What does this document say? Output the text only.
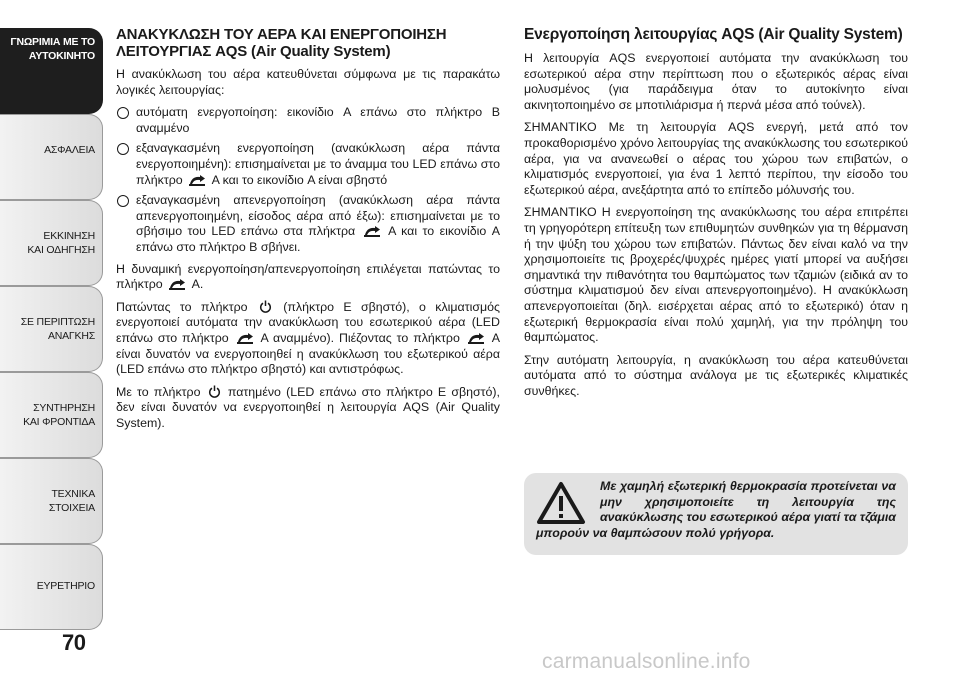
ΓΝΩΡΙΜΙΑ ΜΕ ΤΟ
ΑΥΤΟΚΙΝΗΤΟ
ΑΣΦΑΛΕΙΑ
ΕΚΚΙΝΗΣΗ
ΚΑΙ ΟΔΗΓΗΣΗ
ΣΕ ΠΕΡΙΠΤΩΣΗ
ΑΝΑΓΚΗΣ
ΣΥΝΤΗΡΗΣΗ
ΚΑΙ ΦΡΟΝΤΙΔΑ
ΤΕΧΝΙΚΑ
ΣΤΟΙΧΕΙΑ
ΕΥΡΕΤΗΡΙΟ
70
ΑΝΑΚΥΚΛΩΣΗ ΤΟΥ ΑΕΡΑ ΚΑΙ ΕΝΕΡΓΟΠΟΙΗΣΗ ΛΕΙΤΟΥΡΓΙΑΣ AQS (Air Quality System)

Η ανακύκλωση του αέρα κατευθύνεται σύμφωνα με τις παρακάτω λογικές λειτουργίας:

αυτόματη ενεργοποίηση: εικονίδιο A επάνω στο πλήκτρο B αναμμένο
εξαναγκασμένη ενεργοποίηση (ανακύκλωση αέρα πάντα ενεργοποιημένη): επισημαίνεται με το άναμμα του LED επάνω στο πλήκτρο A και το εικονίδιο A είναι σβηστό
εξαναγκασμένη απενεργοποίηση (ανακύκλωση αέρα πάντα απενεργοποιημένη, είσοδος αέρα από έξω): επισημαίνεται με το σβήσιμο του LED επάνω στα πλήκτρα	A και το εικονίδιο A επάνω στο πλήκτρο B σβήνει.

Η δυναμική ενεργοποίηση/απενεργοποίηση επιλέγεται πατώντας το πλήκτρο A.

Πατώντας το πλήκτρο	(πλήκτρο E σβηστό), ο κλιματισμός ενεργοποιεί αυτόματα την ανακύκλωση του εσωτερικού αέρα (LED επάνω στο πλήκτρο	A αναμμένο). Πιέζοντας το πλήκτρο	A είναι δυνατόν να ενεργοποιηθεί η ανακύκλωση του εξωτερικού αέρα (LED επάνω στο πλήκτρο σβηστό) και αντιστρόφως.

Με το πλήκτρο πατημένο (LED επάνω στο πλήκτρο E σβηστό), δεν είναι δυνατόν να ενεργοποιηθεί η λειτουργία AQS (Air Quality System).

Ενεργοποίηση λειτουργίας AQS (Air Quality System)

Η λειτουργία AQS ενεργοποιεί αυτόματα την ανακύκλωση του εσωτερικού αέρα στην περίπτωση που ο εξωτερικός αέρας είναι μολυσμένος (για παράδειγμα όταν το αυτοκίνητο είναι ακινητοποιημένο σε μποτιλιάρισμα ή περνά μέσα από τούνελ).

ΣΗΜΑΝΤΙΚΟ Με τη λειτουργία AQS ενεργή, μετά από τον προκαθορισμένο χρόνο λειτουργίας της ανακύκλωσης του εσωτερικού αέρα, για να ανανεωθεί ο αέρας του χώρου των επιβατών, ο κλιματισμός ενεργοποιεί, για ένα 1 λεπτό περίπου, την είσοδο του εξωτερικού αέρα, ανεξάρτητα από το επίπεδο μόλυνσής του.

ΣΗΜΑΝΤΙΚΟ Η ενεργοποίηση της ανακύκλωσης του αέρα επιτρέπει τη γρηγορότερη επίτευξη των επιθυμητών συνθηκών για τη θέρμανση ή την ψύξη του χώρου των επιβατών. Πάντως δεν είναι καλό να την χρησιμοποιείτε τις βροχερές/ψυχρές ημέρες γιατί μπορεί να αυξήσει σημαντικά την πιθανότητα του θαμπώματος των τζαμιών (ειδικά αν το σύστημα κλιματισμού δεν είναι απενεργοποιημένο). Η ανακύκλωση απενεργοποιείται (δηλ. εισέρχεται αέρας από το εξωτερικό) όταν η εξωτερική θερμοκρασία είναι πολύ χαμηλή, για την πρόληψη του θαμπώματος.

Στην αυτόματη λειτουργία, η ανακύκλωση του αέρα κατευθύνεται αυτόματα από το σύστημα ανάλογα με τις εξωτερικές κλιματικές συνθήκες.

Με χαμηλή εξωτερική θερμοκρασία προτείνεται να μην χρησιμοποιείτε τη λειτουργία της ανακύκλωσης του εσωτερικού αέρα γιατί τα τζάμια μπορούν να θαμπώσουν πολύ γρήγορα.
carmanualsonline.info
